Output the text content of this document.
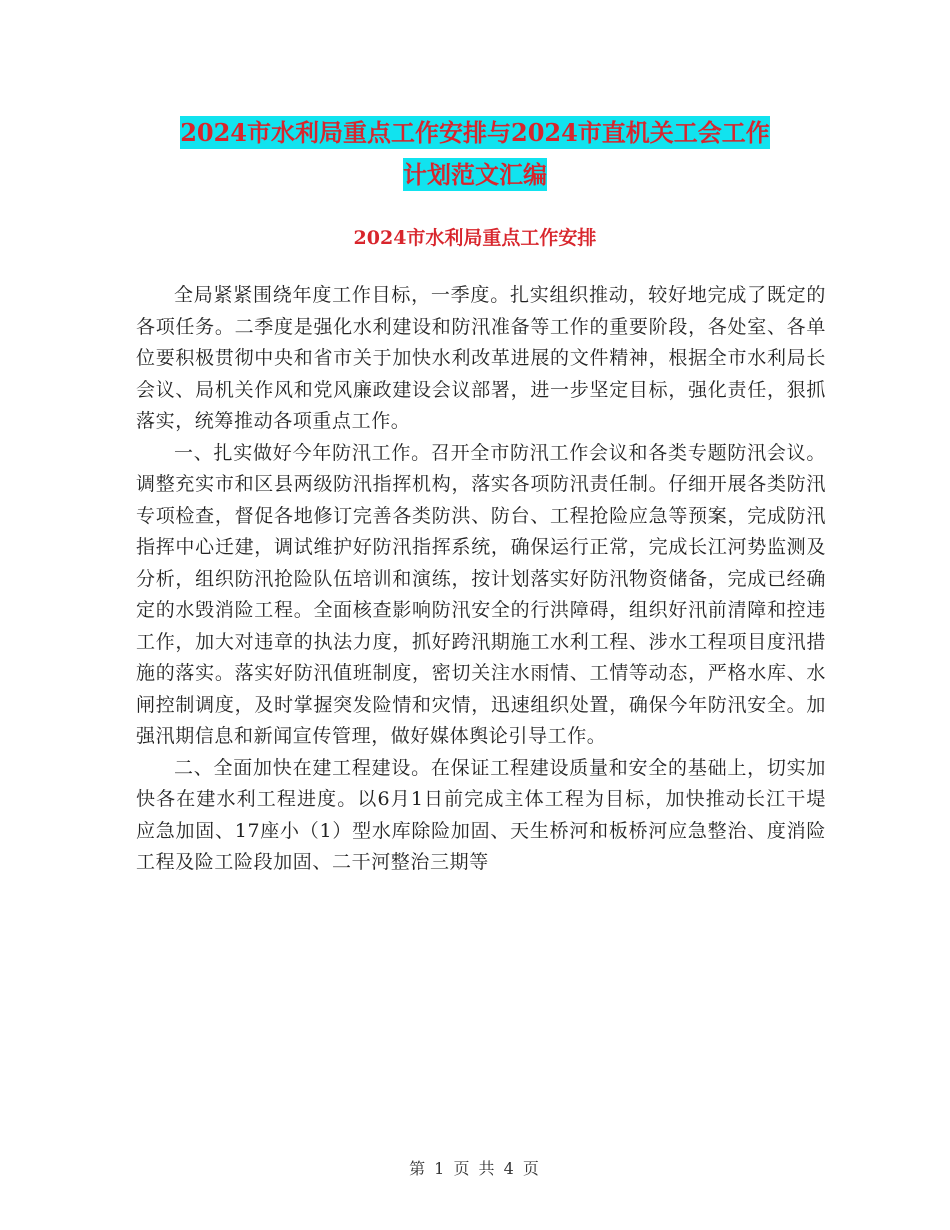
2024市水利局重点工作安排与2024市直机关工会工作
计划范文汇编
2024市水利局重点工作安排

全局紧紧围绕年度工作目标，一季度。扎实组织推动，较好地完成了既定的各项任务。二季度是强化水利建设和防汛准备等工作的重要阶段，各处室、各单位要积极贯彻中央和省市关于加快水利改革进展的文件精神，根据全市水利局长会议、局机关作风和党风廉政建设会议部署，进一步坚定目标，强化责任，狠抓落实，统筹推动各项重点工作。

一、扎实做好今年防汛工作。召开全市防汛工作会议和各类专题防汛会议。调整充实市和区县两级防汛指挥机构，落实各项防汛责任制。仔细开展各类防汛专项检查，督促各地修订完善各类防洪、防台、工程抢险应急等预案，完成防汛指挥中心迁建，调试维护好防汛指挥系统，确保运行正常，完成长江河势监测及分析，组织防汛抢险队伍培训和演练，按计划落实好防汛物资储备，完成已经确定的水毁消险工程。全面核查影响防汛安全的行洪障碍，组织好汛前清障和控违工作，加大对违章的执法力度，抓好跨汛期施工水利工程、涉水工程项目度汛措施的落实。落实好防汛值班制度，密切关注水雨情、工情等动态，严格水库、水闸控制调度，及时掌握突发险情和灾情，迅速组织处置，确保今年防汛安全。加强汛期信息和新闻宣传管理，做好媒体舆论引导工作。

二、全面加快在建工程建设。在保证工程建设质量和安全的基础上，切实加快各在建水利工程进度。以6月1日前完成主体工程为目标，加快推动长江干堤应急加固、17座小（1）型水库除险加固、天生桥河和板桥河应急整治、度消险工程及险工险段加固、二干河整治三期等

第 1 页 共 4 页
